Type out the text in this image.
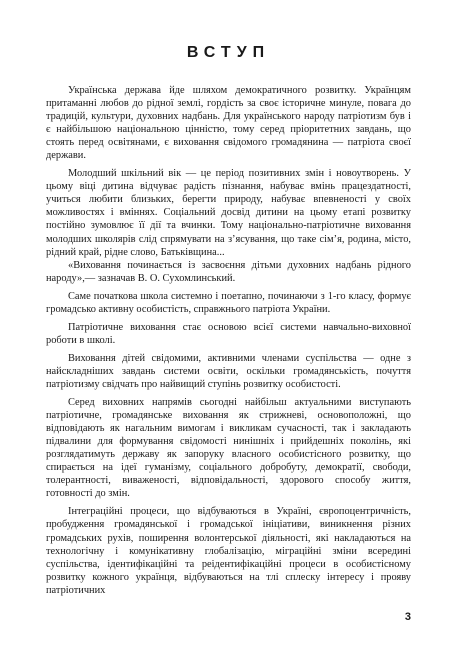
ВСТУП

Українська держава йде шляхом демократичного розвитку. Українцям притаманні любов до рідної землі, гордість за своє історичне минуле, повага до традицій, культури, духовних надбань. Для українського народу патріотизм був і є найбільшою національною цінністю, тому серед пріоритетних завдань, що стоять перед освітянами, є виховання свідомого громадянина — патріота своєї держави.

Молодший шкільний вік — це період позитивних змін і новоутворень. У цьому віці дитина відчуває радість пізнання, набуває вмінь працездатності, учиться любити близьких, берегти природу, набуває впевненості у своїх можливостях і вміннях. Соціальний досвід дитини на цьому етапі розвитку постійно зумовлює її дії та вчинки. Тому національно-патріотичне виховання молодших школярів слід спрямувати на з’ясування, що таке сім’я, родина, місто, рідний край, рідне слово, Батьківщина...

«Виховання починається із засвоєння дітьми духовних надбань рідного народу»,— зазначав В. О. Сухомлинський.

Саме початкова школа системно і поетапно, починаючи з 1-го класу, формує громадсько активну особистість, справжнього патріота України.

Патріотичне виховання стає основою всієї системи навчально-виховної роботи в школі.

Виховання дітей свідомими, активними членами суспільства — одне з найскладніших завдань системи освіти, оскільки громадянськість, почуття патріотизму свідчать про найвищий ступінь розвитку особистості.

Серед виховних напрямів сьогодні найбільш актуальними виступають патріотичне, громадянське виховання як стрижневі, основоположні, що відповідають як нагальним вимогам і викликам сучасності, так і закладають підвалини для формування свідомості нинішніх і прийдешніх поколінь, які розглядатимуть державу як запоруку власного особистісного розвитку, що спирається на ідеї гуманізму, соціального добробуту, демократії, свободи, толерантності, виваженості, відповідальності, здорового способу життя, готовності до змін.

Інтеграційні процеси, що відбуваються в Україні, європоцентричність, пробудження громадянської і громадської ініціативи, виникнення різних громадських рухів, поширення волонтерської діяльності, які накладаються на технологічну і комунікативну глобалізацію, міграційні зміни всередині суспільства, ідентифікаційні та реідентифікаційні процеси в особистісному розвитку кожного українця, відбуваються на тлі сплеску інтересу і прояву патріотичних

3
